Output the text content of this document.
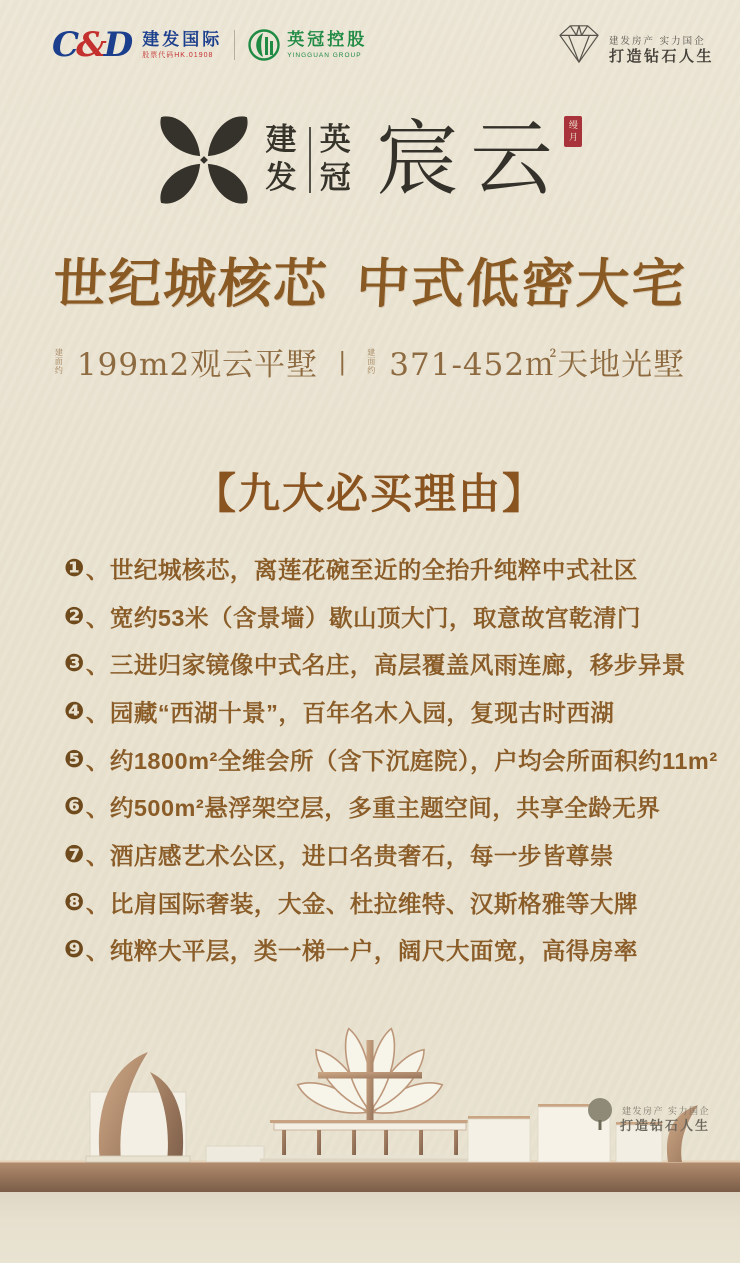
C&D 建发国际
股票代码HK.01908
英冠控股
YINGGUAN GROUP
建发房产 实力国企
打造钻石人生
建发
英冠 宸云 缦月
世纪城核芯 中式低密大宅
建面约 199m2观云平墅 |	建面约 371-452㎡天地光墅
【九大必买理由】
❶ 、世纪城核芯，离莲花碗至近的全抬升纯粹中式社区
❷ 、宽约53米（含景墙）歇山顶大门，取意故宫乾清门
❸ 、三进归家镜像中式名庄，高层覆盖风雨连廊，移步异景
❹ 、园藏“西湖十景”，百年名木入园，复现古时西湖
❺ 、约1800m²全维会所（含下沉庭院），户均会所面积约11m²
❻ 、约500m²悬浮架空层，多重主题空间，共享全龄无界
❼ 、酒店感艺术公区，进口名贵奢石，每一步皆尊崇
❽ 、比肩国际奢装，大金、杜拉维特、汉斯格雅等大牌
❾ 、纯粹大平层，类一梯一户，阔尺大面宽，高得房率
建发房产 实力国企
打造钻石人生
